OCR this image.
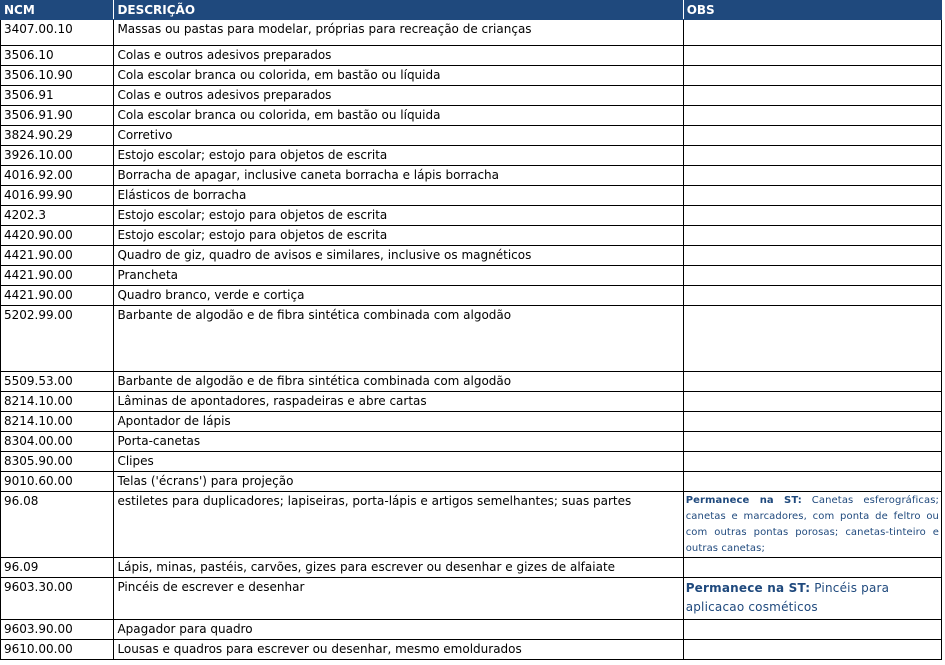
NCM	DESCRIÇÃO	OBS
3407.00.10	Massas ou pastas para modelar, próprias para recreação de crianças	
3506.10	Colas e outros adesivos preparados	
3506.10.90	Cola escolar branca ou colorida, em bastão ou líquida	
3506.91	Colas e outros adesivos preparados	
3506.91.90	Cola escolar branca ou colorida, em bastão ou líquida	
3824.90.29	Corretivo	
3926.10.00	Estojo escolar; estojo para objetos de escrita	
4016.92.00	Borracha de apagar, inclusive caneta borracha e lápis borracha	
4016.99.90	Elásticos de borracha	
4202.3	Estojo escolar; estojo para objetos de escrita	
4420.90.00	Estojo escolar; estojo para objetos de escrita	
4421.90.00	Quadro de giz, quadro de avisos e similares, inclusive os magnéticos	
4421.90.00	Prancheta	
4421.90.00	Quadro branco, verde e cortiça	
5202.99.00	Barbante de algodão e de fibra sintética combinada com algodão	
5509.53.00	Barbante de algodão e de fibra sintética combinada com algodão	
8214.10.00	Lâminas de apontadores, raspadeiras e abre cartas	
8214.10.00	Apontador de lápis	
8304.00.00	Porta-canetas	
8305.90.00	Clipes	
9010.60.00	Telas ('écrans') para projeção	
96.08	estiletes para duplicadores; lapiseiras, porta-lápis e artigos semelhantes; suas partes	Permanece na ST: Canetas esferográficas; canetas e marcadores, com ponta de feltro ou com outras pontas porosas; canetas-tinteiro e outras canetas;

96.09	Lápis, minas, pastéis, carvões, gizes para escrever ou desenhar e gizes de alfaiate	
9603.30.00	Pincéis de escrever e desenhar	Permanece na ST: Pincéis para aplicacao cosméticos

9603.90.00	Apagador para quadro	
9610.00.00	Lousas e quadros para escrever ou desenhar, mesmo emoldurados	
